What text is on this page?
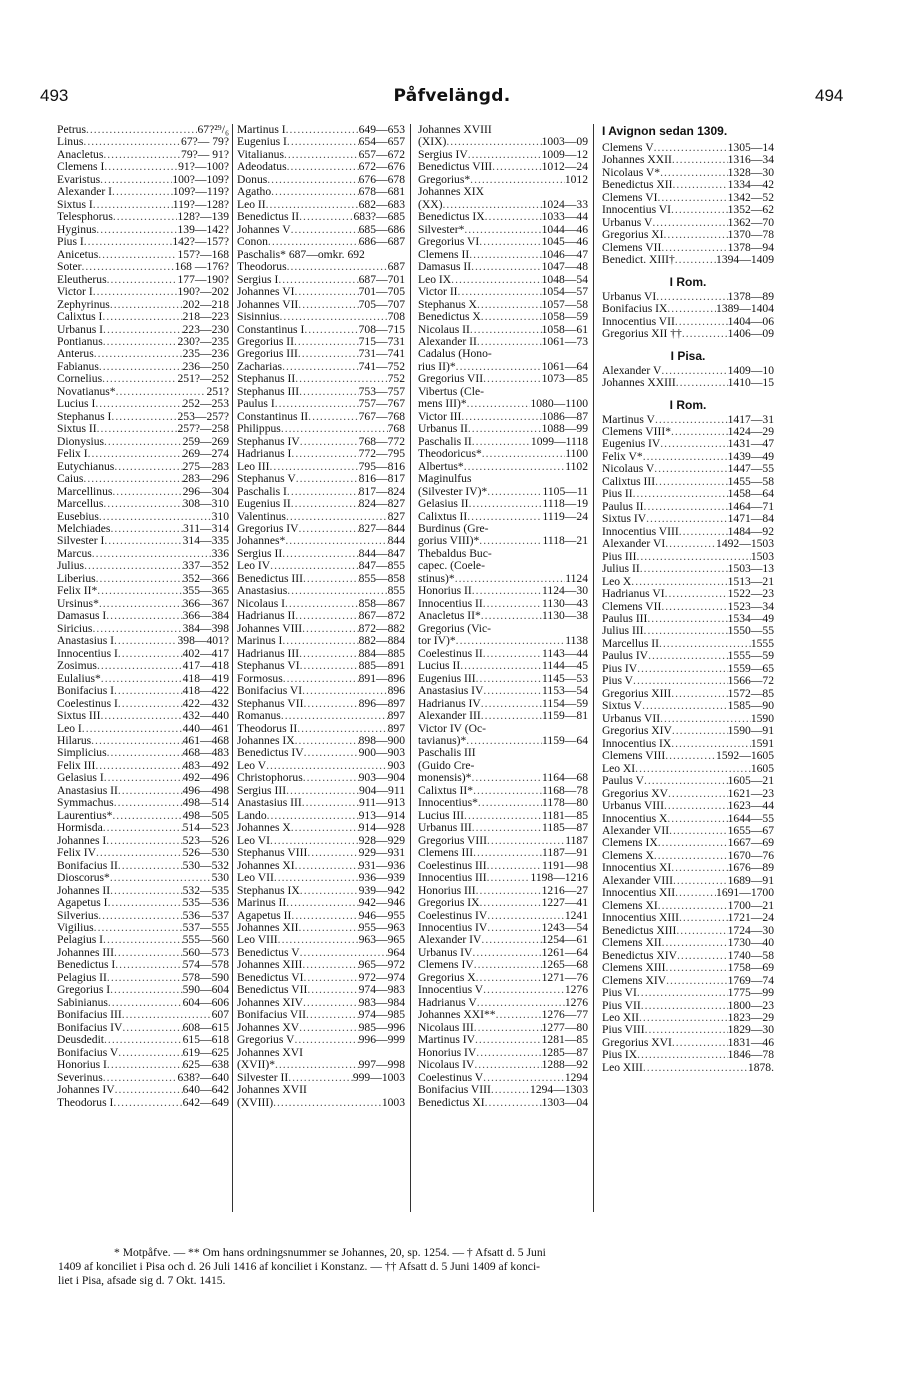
493	Påfvelängd.	494
Petrus .....	67?²⁹/₆
Linus .....	67?— 79?
Anacletus .....	79?— 91?
Clemens I .....	91?—100?
Evaristus .....	100?—109?
Alexander I .....	109?—119?
Sixtus I .....	119?—128?
Telesphorus .....	128?—139
Hyginus .....	139—142?
Pius I .....	142?—157?
Anicetus .....	157?—168
Soter .....	168 —176?
Eleutherus .....	177—190?
Victor I .....	190?—202
Zephyrinus .....	202—218
Calixtus I .....	218—223
Urbanus I .....	223—230
Pontianus .....	230?—235
Anterus .....	235—236
Fabianus .....	236—250
Cornelius .....	251?—252
Novatianus* .....	251?
Lucius I .....	252—253
Stephanus I .....	253—257?
Sixtus II .....	257?—258
Dionysius .....	259—269
Felix I .....	269—274
Eutychianus .....	275—283
Caius .....	283—296
Marcellinus .....	296—304
Marcellus .....	308—310
Eusebius .....	310
Melchiades .....	311—314
Silvester I .....	314—335
Marcus .....	336
Julius .....	337—352
Liberius .....	352—366
Felix II* .....	355—365
Ursinus* .....	366—367
Damasus I .....	366—384
Siricius .....	384—398
Anastasius I .....	398—401?
Innocentius I .....	402—417
Zosimus .....	417—418
Eulalius* .....	418—419
Bonifacius I .....	418—422
Coelestinus I .....	422—432
Sixtus III .....	432—440
Leo I .....	440—461
Hilarus .....	461—468
Simplicius .....	468—483
Felix III .....	483—492
Gelasius I .....	492—496
Anastasius II .....	496—498
Symmachus .....	498—514
Laurentius* .....	498—505
Hormisda .....	514—523
Johannes I .....	523—526
Felix IV .....	526—530
Bonifacius II .....	530—532
Dioscorus* .....	530
Johannes II .....	532—535
Agapetus I .....	535—536
Silverius .....	536—537
Vigilius .....	537—555
Pelagius I .....	555—560
Johannes III .....	560—573
Benedictus I .....	574—578
Pelagius II .....	578—590
Gregorius I .....	590—604
Sabinianus .....	604—606
Bonifacius III .....	607
Bonifacius IV .....	608—615
Deusdedit .....	615—618
Bonifacius V .....	619—625
Honorius I .....	625—638
Severinus .....	638?—640
Johannes IV .....	640—642
Theodorus I .....	642—649
Martinus I .....	649—653
Eugenius I .....	654—657
Vitalianus .....	657—672
Adeodatus .....	672—676
Donus .....	676—678
Agatho .....	678—681
Leo II .....	682—683
Benedictus II .....	683?—685
Johannes V .....	685—686
Conon .....	686—687
Paschalis* 687—omkr. 692
Theodorus .....	687
Sergius I .....	687—701
Johannes VI .....	701—705
Johannes VII .....	705—707
Sisinnius .....	708
Constantinus I .....	708—715
Gregorius II .....	715—731
Gregorius III .....	731—741
Zacharias .....	741—752
Stephanus II .....	752
Stephanus III .....	753—757
Paulus I .....	757—767
Constantinus II .....	767—768
Philippus .....	768
Stephanus IV .....	768—772
Hadrianus I .....	772—795
Leo III .....	795—816
Stephanus V .....	816—817
Paschalis I .....	817—824
Eugenius II .....	824—827
Valentinus .....	827
Gregorius IV .....	827—844
Johannes* .....	844
Sergius II .....	844—847
Leo IV .....	847—855
Benedictus III .....	855—858
Anastasius .....	855
Nicolaus I .....	858—867
Hadrianus II .....	867—872
Johannes VIII .....	872—882
Marinus I .....	882—884
Hadrianus III .....	884—885
Stephanus VI .....	885—891
Formosus .....	891—896
Bonifacius VI .....	896
Stephanus VII .....	896—897
Romanus .....	897
Theodorus II .....	897
Johannes IX .....	898—900
Benedictus IV .....	900—903
Leo V .....	903
Christophorus .....	903—904
Sergius III .....	904—911
Anastasius III .....	911—913
Lando .....	913—914
Johannes X .....	914—928
Leo VI .....	928—929
Stephanus VIII .....	929—931
Johannes XI .....	931—936
Leo VII .....	936—939
Stephanus IX .....	939—942
Marinus II .....	942—946
Agapetus II .....	946—955
Johannes XII .....	955—963
Leo VIII .....	963—965
Benedictus V .....	964
Johannes XIII .....	965—972
Benedictus VI .....	972—974
Benedictus VII .....	974—983
Johannes XIV .....	983—984
Bonifacius VII .....	974—985
Johannes XV .....	985—996
Gregorius V .....	996—999
Johannes XVI
(XVII)* .....	997—998
Silvester II .....	999—1003
Johannes XVII
(XVIII) .....	1003
Johannes XVIII
(XIX) .....	1003—09
Sergius IV .....	1009—12
Benedictus VIII .....	1012—24
Gregorius* .....	1012
Johannes XIX
(XX) .....	1024—33
Benedictus IX .....	1033—44
Silvester* .....	1044—46
Gregorius VI .....	1045—46
Clemens II .....	1046—47
Damasus II .....	1047—48
Leo IX .....	1048—54
Victor II .....	1054—57
Stephanus X .....	1057—58
Benedictus X .....	1058—59
Nicolaus II .....	1058—61
Alexander II .....	1061—73
Cadalus (Hono-
rius II)* .....	1061—64
Gregorius VII .....	1073—85
Vibertus (Cle-
mens III)* .....	1080—1100
Victor III .....	1086—87
Urbanus II .....	1088—99
Paschalis II .....	1099—1118
Theodoricus* .....	1100
Albertus* .....	1102
Maginulfus
(Silvester IV)* .....	1105—11
Gelasius II .....	1118—19
Calixtus II .....	1119—24
Burdinus (Gre-
gorius VIII)* .....	1118—21
Thebaldus Buc-
capec. (Coele-
stinus)* .....	1124
Honorius II .....	1124—30
Innocentius II .....	1130—43
Anacletus II* .....	1130—38
Gregorius (Vic-
tor IV)* .....	1138
Coelestinus II .....	1143—44
Lucius II .....	1144—45
Eugenius III .....	1145—53
Anastasius IV .....	1153—54
Hadrianus IV .....	1154—59
Alexander III .....	1159—81
Victor IV (Oc-
tavianus)* .....	1159—64
Paschalis III
(Guido Cre-
monensis)* .....	1164—68
Calixtus II* .....	1168—78
Innocentius* .....	1178—80
Lucius III .....	1181—85
Urbanus III .....	1185—87
Gregorius VIII .....	1187
Clemens III .....	1187—91
Coelestinus III .....	1191—98
Innocentius III .....	1198—1216
Honorius III .....	1216—27
Gregorius IX .....	1227—41
Coelestinus IV .....	1241
Innocentius IV .....	1243—54
Alexander IV .....	1254—61
Urbanus IV .....	1261—64
Clemens IV .....	1265—68
Gregorius X .....	1271—76
Innocentius V .....	1276
Hadrianus V .....	1276
Johannes XXI** .....	1276—77
Nicolaus III .....	1277—80
Martinus IV .....	1281—85
Honorius IV .....	1285—87
Nicolaus IV .....	1288—92
Coelestinus V .....	1294
Bonifacius VIII .....	1294—1303
Benedictus XI .....	1303—04
I Avignon sedan 1309.
Clemens V .....	1305—14
Johannes XXII .....	1316—34
Nicolaus V* .....	1328—30
Benedictus XII .....	1334—42
Clemens VI .....	1342—52
Innocentius VI .....	1352—62
Urbanus V .....	1362—70
Gregorius XI .....	1370—78
Clemens VII .....	1378—94
Benedict. XIII† .....	1394—1409
I Rom.
Urbanus VI .....	1378—89
Bonifacius IX .....	1389—1404
Innocentius VII .....	1404—06
Gregorius XII †† .....	1406—09
I Pisa.
Alexander V .....	1409—10
Johannes XXIII .....	1410—15
I Rom.
Martinus V .....	1417—31
Clemens VIII* .....	1424—29
Eugenius IV .....	1431—47
Felix V* .....	1439—49
Nicolaus V .....	1447—55
Calixtus III .....	1455—58
Pius II .....	1458—64
Paulus II .....	1464—71
Sixtus IV .....	1471—84
Innocentius VIII .....	1484—92
Alexander VI .....	1492—1503
Pius III .....	1503
Julius II .....	1503—13
Leo X .....	1513—21
Hadrianus VI .....	1522—23
Clemens VII .....	1523—34
Paulus III .....	1534—49
Julius III .....	1550—55
Marcellus II .....	1555
Paulus IV .....	1555—59
Pius IV .....	1559—65
Pius V .....	1566—72
Gregorius XIII .....	1572—85
Sixtus V .....	1585—90
Urbanus VII .....	1590
Gregorius XIV .....	1590—91
Innocentius IX .....	1591
Clemens VIII .....	1592—1605
Leo XI .....	1605
Paulus V .....	1605—21
Gregorius XV .....	1621—23
Urbanus VIII .....	1623—44
Innocentius X .....	1644—55
Alexander VII .....	1655—67
Clemens IX .....	1667—69
Clemens X .....	1670—76
Innocentius XI .....	1676—89
Alexander VIII .....	1689—91
Innocentius XII .....	1691—1700
Clemens XI .....	1700—21
Innocentius XIII .....	1721—24
Benedictus XIII .....	1724—30
Clemens XII .....	1730—40
Benedictus XIV .....	1740—58
Clemens XIII .....	1758—69
Clemens XIV .....	1769—74
Pius VI .....	1775—99
Pius VII .....	1800—23
Leo XII .....	1823—29
Pius VIII .....	1829—30
Gregorius XVI .....	1831—46
Pius IX .....	1846—78
Leo XIII .....	1878.

* Motpåfve. — ** Om hans ordningsnummer se Johannes, 20, sp. 1254. — † Afsatt d. 5 Juni

1409 af konciliet i Pisa och d. 26 Juli 1416 af konciliet i Konstanz. — †† Afsatt d. 5 Juni 1409 af konci-

liet i Pisa, afsade sig d. 7 Okt. 1415.
